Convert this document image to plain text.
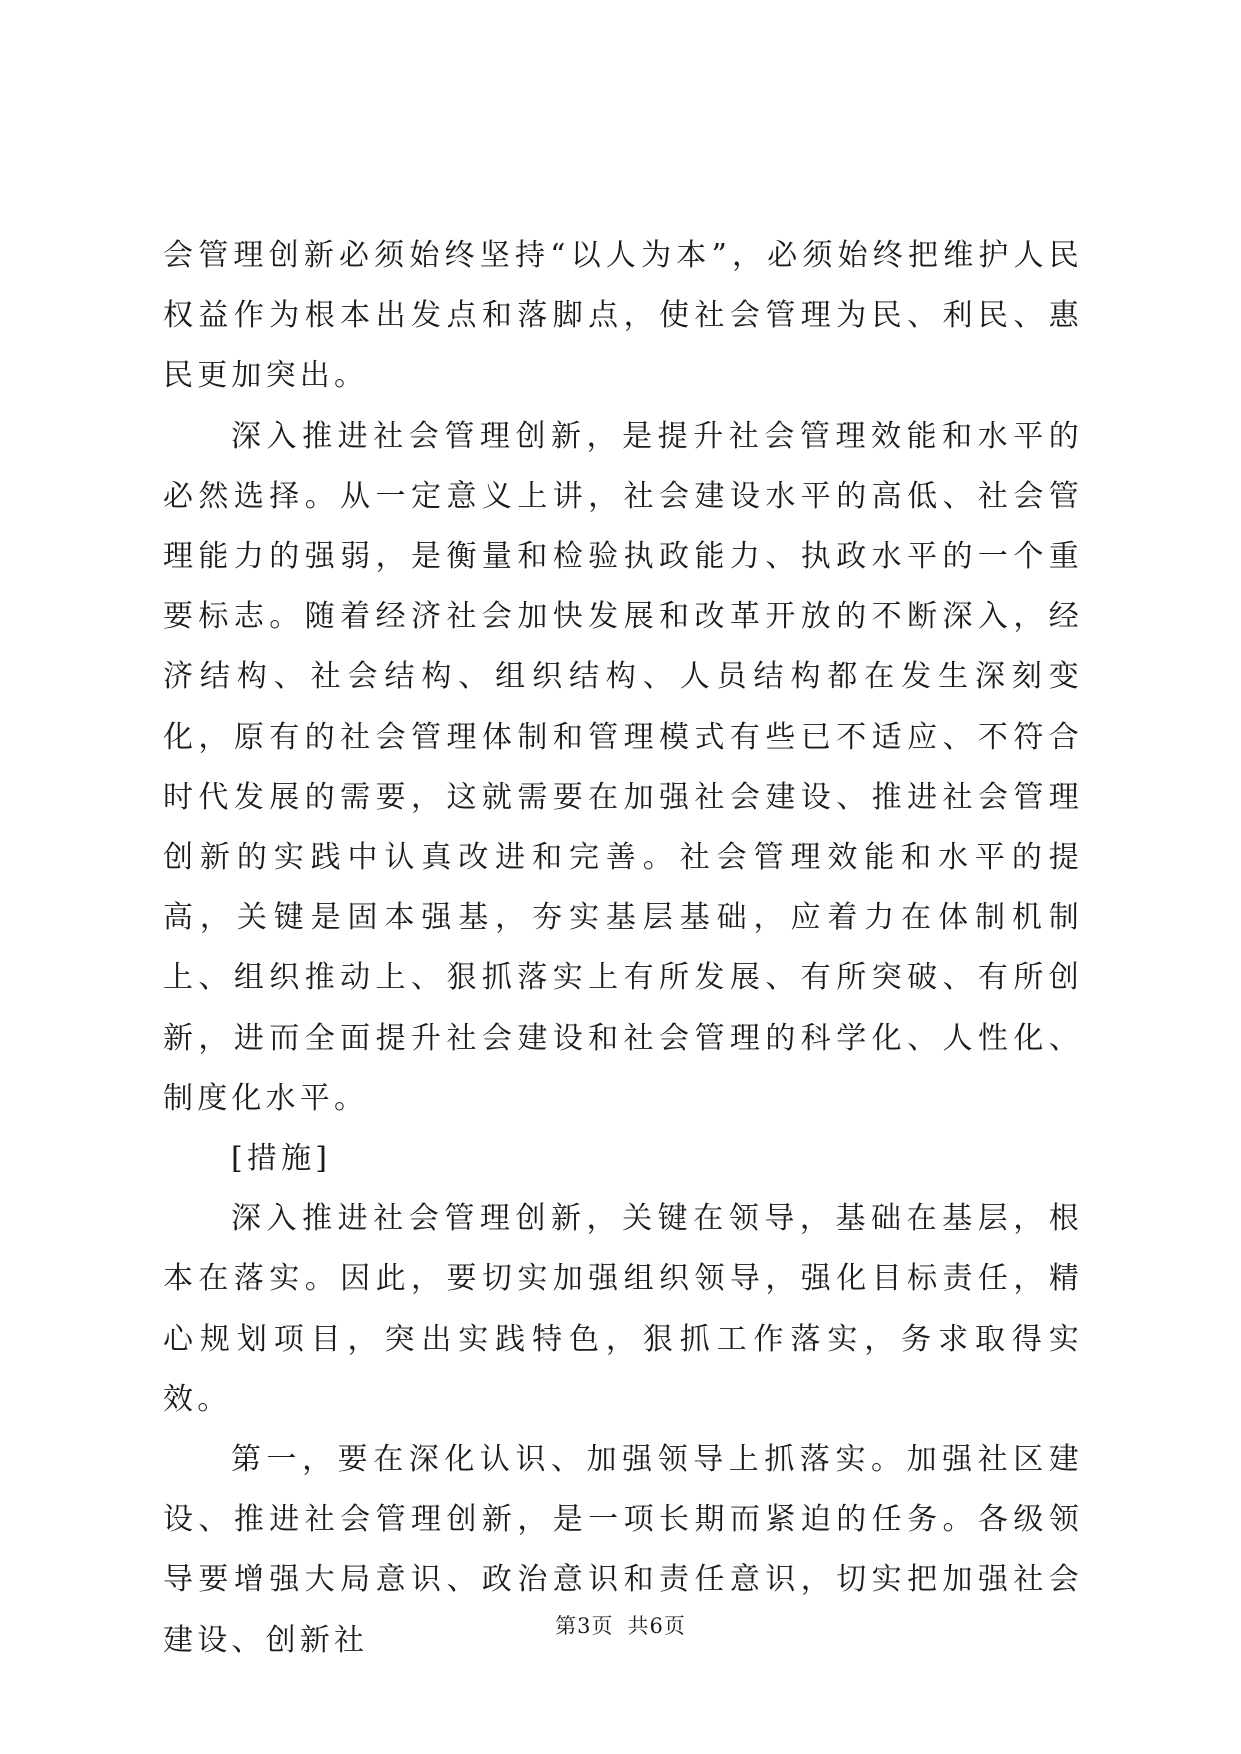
会管理创新必须始终坚持“以人为本”，必须始终把维护人民权益作为根本出发点和落脚点，使社会管理为民、利民、惠民更加突出。

深入推进社会管理创新，是提升社会管理效能和水平的必然选择。从一定意义上讲，社会建设水平的高低、社会管理能力的强弱，是衡量和检验执政能力、执政水平的一个重要标志。随着经济社会加快发展和改革开放的不断深入，经济结构、社会结构、组织结构、人员结构都在发生深刻变化，原有的社会管理体制和管理模式有些已不适应、不符合时代发展的需要，这就需要在加强社会建设、推进社会管理创新的实践中认真改进和完善。社会管理效能和水平的提高，关键是固本强基，夯实基层基础，应着力在体制机制上、组织推动上、狠抓落实上有所发展、有所突破、有所创新，进而全面提升社会建设和社会管理的科学化、人性化、制度化水平。

[措施]

深入推进社会管理创新，关键在领导，基础在基层，根本在落实。因此，要切实加强组织领导，强化目标责任，精心规划项目，突出实践特色，狠抓工作落实，务求取得实效。

第一，要在深化认识、加强领导上抓落实。加强社区建设、推进社会管理创新，是一项长期而紧迫的任务。各级领导要增强大局意识、政治意识和责任意识，切实把加强社会建设、创新社	第3页 共6页
